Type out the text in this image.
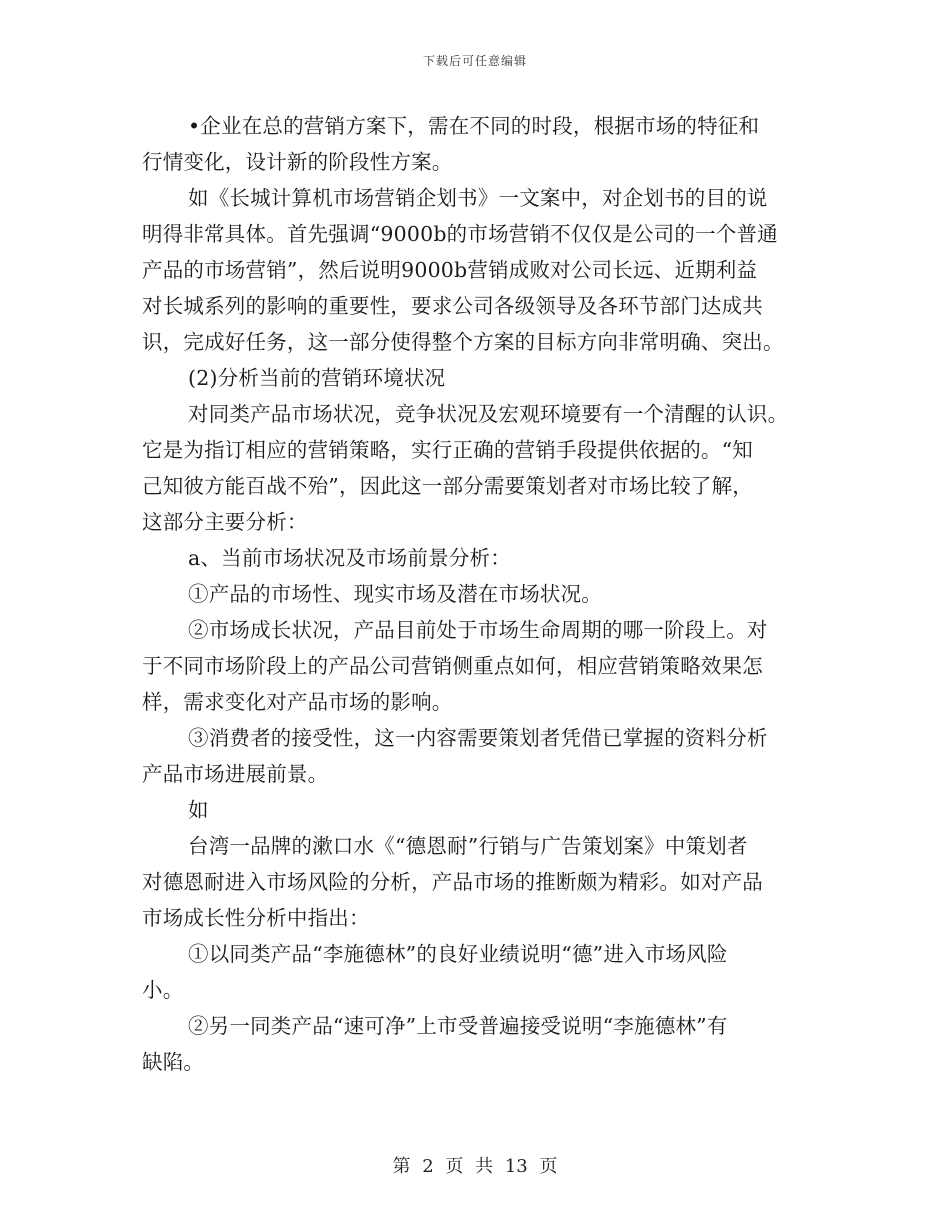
下载后可任意编辑
•企业在总的营销方案下，需在不同的时段，根据市场的特征和
行情变化，设计新的阶段性方案。
如《长城计算机市场营销企划书》一文案中，对企划书的目的说
明得非常具体。首先强调“9000b的市场营销不仅仅是公司的一个普通
产品的市场营销”，然后说明9000b营销成败对公司长远、近期利益
对长城系列的影响的重要性，要求公司各级领导及各环节部门达成共
识，完成好任务，这一部分使得整个方案的目标方向非常明确、突出。
(2)分析当前的营销环境状况
对同类产品市场状况，竞争状况及宏观环境要有一个清醒的认识。
它是为指订相应的营销策略，实行正确的营销手段提供依据的。“知
己知彼方能百战不殆”，因此这一部分需要策划者对市场比较了解，
这部分主要分析：
a、当前市场状况及市场前景分析：
①产品的市场性、现实市场及潜在市场状况。
②市场成长状况，产品目前处于市场生命周期的哪一阶段上。对
于不同市场阶段上的产品公司营销侧重点如何，相应营销策略效果怎
样，需求变化对产品市场的影响。
③消费者的接受性，这一内容需要策划者凭借已掌握的资料分析
产品市场进展前景。
如
台湾一品牌的漱口水《“德恩耐”行销与广告策划案》中策划者
对德恩耐进入市场风险的分析，产品市场的推断颇为精彩。如对产品
市场成长性分析中指出：
①以同类产品“李施德林”的良好业绩说明“德”进入市场风险
小。
②另一同类产品“速可净”上市受普遍接受说明“李施德林”有
缺陷。
第 2 页 共 13 页
